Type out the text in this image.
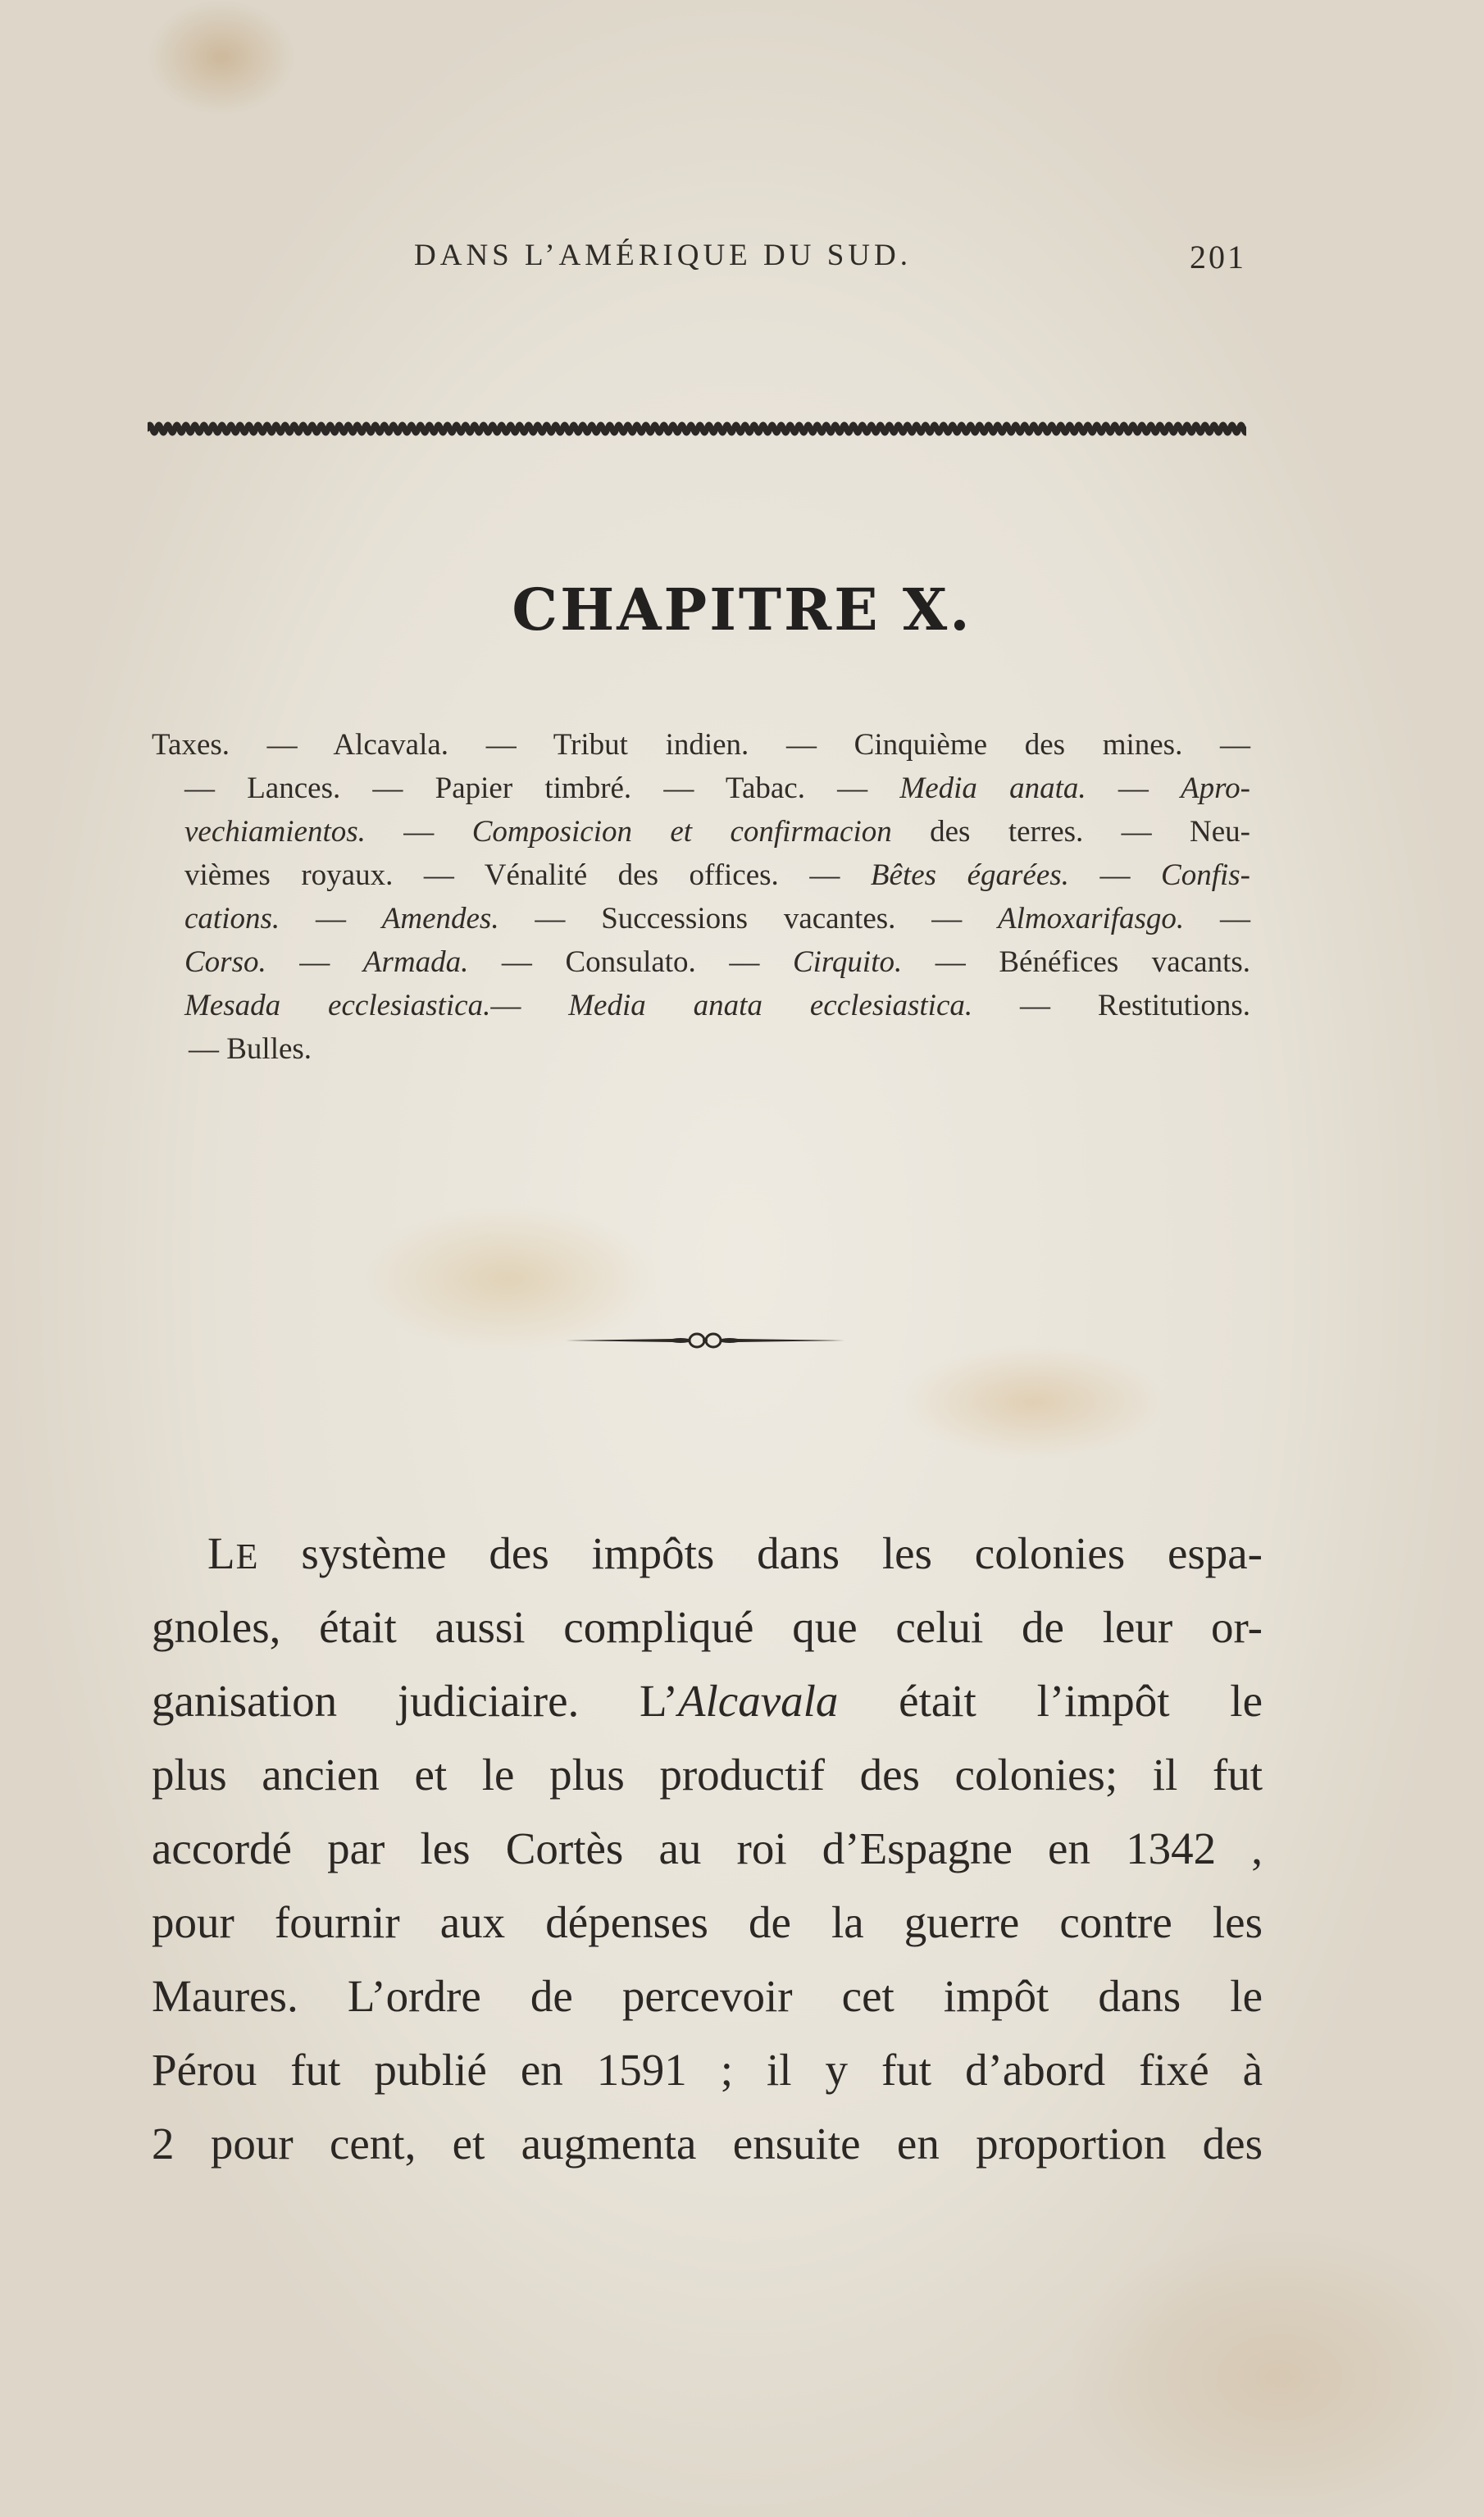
DANS L’AMÉRIQUE DU SUD.	201
CHAPITRE X.
Taxes. — Alcavala. — Tribut indien. — Cinquième des mines. —
— Lances. — Papier timbré. — Tabac. — Media anata. — Apro-
vechiamientos. — Composicion et confirmacion des terres. — Neu-
vièmes royaux. — Vénalité des offices. — Bêtes égarées. — Confis-
cations. — Amendes. — Successions vacantes. — Almoxarifasgo. —
Corso. — Armada. — Consulato. — Cirquito. — Bénéfices vacants.
Mesada ecclesiastica.— Media anata ecclesiastica. — Restitutions.
— Bulles.
LE système des impôts dans les colonies espa-
gnoles, était aussi compliqué que celui de leur or-
ganisation judiciaire. L’Alcavala était l’impôt le
plus ancien et le plus productif des colonies; il fut
accordé par les Cortès au roi d’Espagne en 1342 ,
pour fournir aux dépenses de la guerre contre les
Maures. L’ordre de percevoir cet impôt dans le
Pérou fut publié en 1591 ; il y fut d’abord fixé à
2 pour cent, et augmenta ensuite en proportion des
